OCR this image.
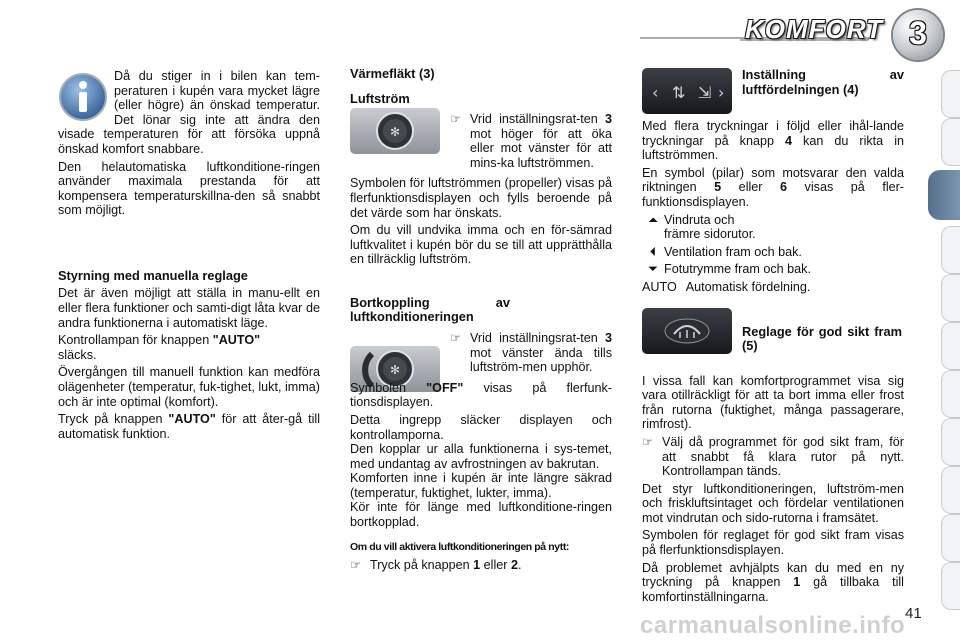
KOMFORT 3

Då du stiger in i bilen kan tem-peraturen i kupén vara mycket lägre (eller högre) än önskad temperatur. Det lönar sig inte att ändra den visade temperaturen för att försöka uppnå önskad komfort snabbare.

Den helautomatiska luftkonditione-ringen använder maximala prestanda för att kompensera temperaturskillna-den så snabbt som möjligt.

Styrning med manuella reglage

Det är även möjligt att ställa in manu-ellt en eller flera funktioner och samti-digt låta kvar de andra funktionerna i automatiskt läge.

Kontrollampan för knappen "AUTO"
släcks.

Övergången till manuell funktion kan medföra olägenheter (temperatur, fuk-tighet, lukt, imma) och är inte optimal (komfort).

Tryck på knappen "AUTO" för att åter-gå till automatisk funktion.

✻
✻

Värmefläkt (3)

Luftström

☞ Vrid inställningsrat-ten 3 mot höger för att öka eller mot vänster för att mins-ka luftströmmen.

Symbolen för luftströmmen (propeller) visas på flerfunktionsdisplayen och fylls beroende på det värde som har önskats.

Om du vill undvika imma och en för-sämrad luftkvalitet i kupén bör du se till att upprätthålla en tillräcklig luftström.

Bortkoppling av luftkonditioneringen

☞ Vrid inställningsrat-ten 3 mot vänster ända tills luftström-men upphör.

Symbolen "OFF" visas på flerfunk-tionsdisplayen.

Detta ingrepp släcker displayen och kontrollamporna.

Den kopplar ur alla funktionerna i sys-temet, med undantag av avfrostningen av bakrutan.

Komforten inne i kupén är inte längre säkrad (temperatur, fuktighet, lukter, imma).

Kör inte för länge med luftkonditione-ringen bortkopplad.

Om du vill aktivera luftkonditioneringen på nytt:

☞ Tryck på knappen 1 eller 2.
‹ ⇅ ⇲ ›

Inställning av luftfördelningen (4)

Med flera tryckningar i följd eller ihål-lande tryckningar på knapp 4 kan du rikta in luftströmmen.

En symbol (pilar) som motsvarar den valda riktningen 5 eller 6 visas på fler-funktionsdisplayen.

⏶ Vindruta och främre sidorutor.
⏴ Ventilation fram och bak.
⏷ Fotutrymme fram och bak.
AUTO Automatisk fördelning.

Reglage för god sikt fram (5)

I vissa fall kan komfortprogrammet visa sig vara otillräckligt för att ta bort imma eller frost från rutorna (fuktighet, många passagerare, rimfrost).

☞ Välj då programmet för god sikt fram, för att snabbt få klara rutor på nytt. Kontrollampan tänds.

Det styr luftkonditioneringen, luftström-men och friskluftsintaget och fördelar ventilationen mot vindrutan och sido-rutorna i framsätet.

Symbolen för reglaget för god sikt fram visas på flerfunktionsdisplayen.

Då problemet avhjälpts kan du med en ny tryckning på knappen 1 gå tillbaka till komfortinställningarna.

41
carmanualsonline.info
